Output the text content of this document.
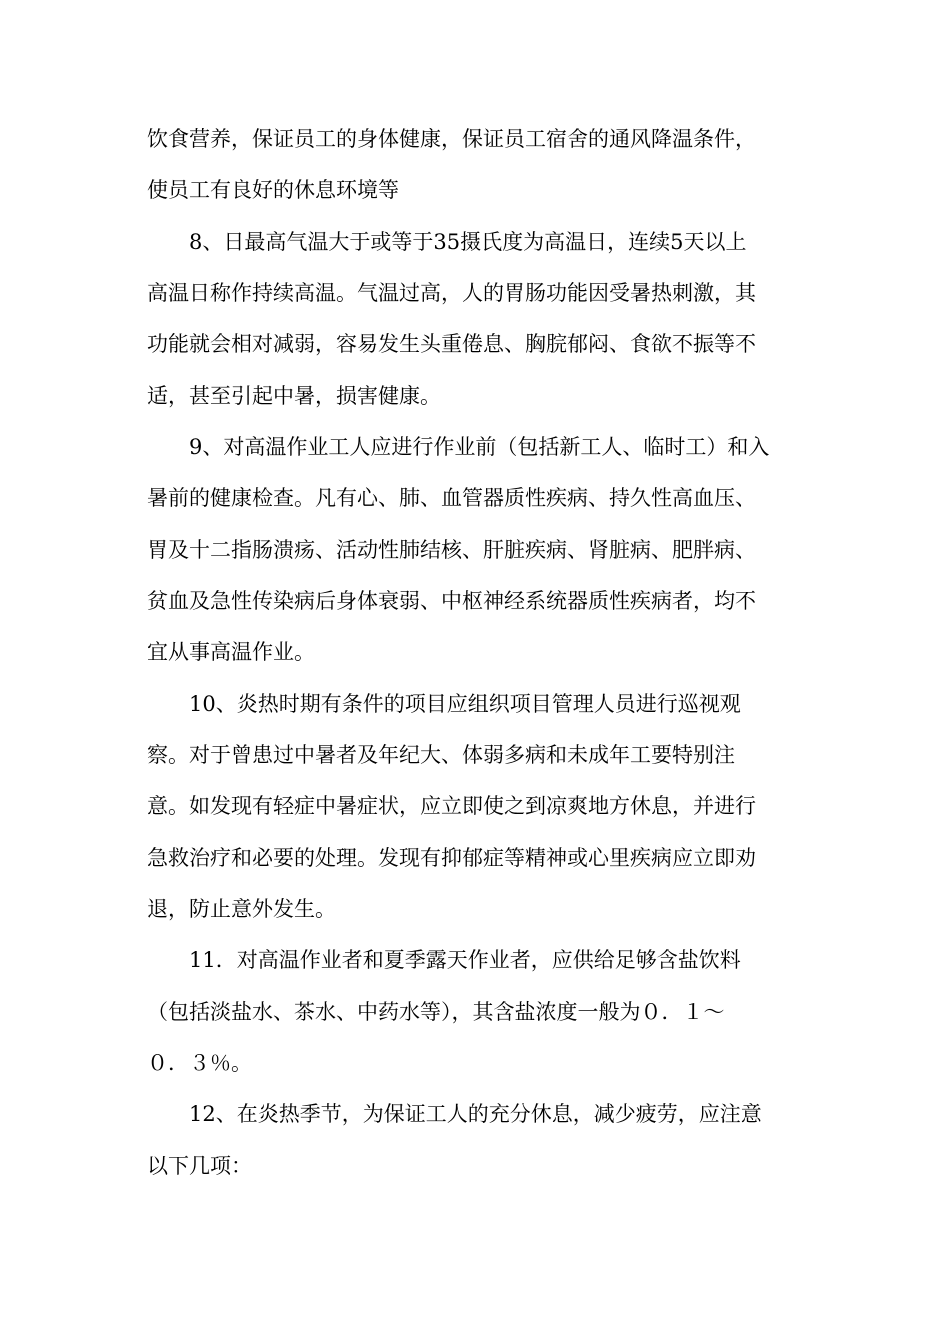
饮食营养，保证员工的身体健康，保证员工宿舍的通风降温条件，
使员工有良好的休息环境等
8、日最高气温大于或等于35摄氏度为高温日，连续5天以上
高温日称作持续高温。气温过高，人的胃肠功能因受暑热刺激，其
功能就会相对减弱，容易发生头重倦息、胸脘郁闷、食欲不振等不
适，甚至引起中暑，损害健康。
9、对高温作业工人应进行作业前（包括新工人、临时工）和入
暑前的健康检查。凡有心、肺、血管器质性疾病、持久性高血压、
胃及十二指肠溃疡、活动性肺结核、肝脏疾病、肾脏病、肥胖病、
贫血及急性传染病后身体衰弱、中枢神经系统器质性疾病者，均不
宜从事高温作业。
10、炎热时期有条件的项目应组织项目管理人员进行巡视观
察。对于曾患过中暑者及年纪大、体弱多病和未成年工要特别注
意。如发现有轻症中暑症状，应立即使之到凉爽地方休息，并进行
急救治疗和必要的处理。发现有抑郁症等精神或心里疾病应立即劝
退，防止意外发生。
11．对高温作业者和夏季露天作业者，应供给足够含盐饮料
（包括淡盐水、茶水、中药水等），其含盐浓度一般为０．１～
０．３％。
12、在炎热季节，为保证工人的充分休息，减少疲劳，应注意
以下几项：
